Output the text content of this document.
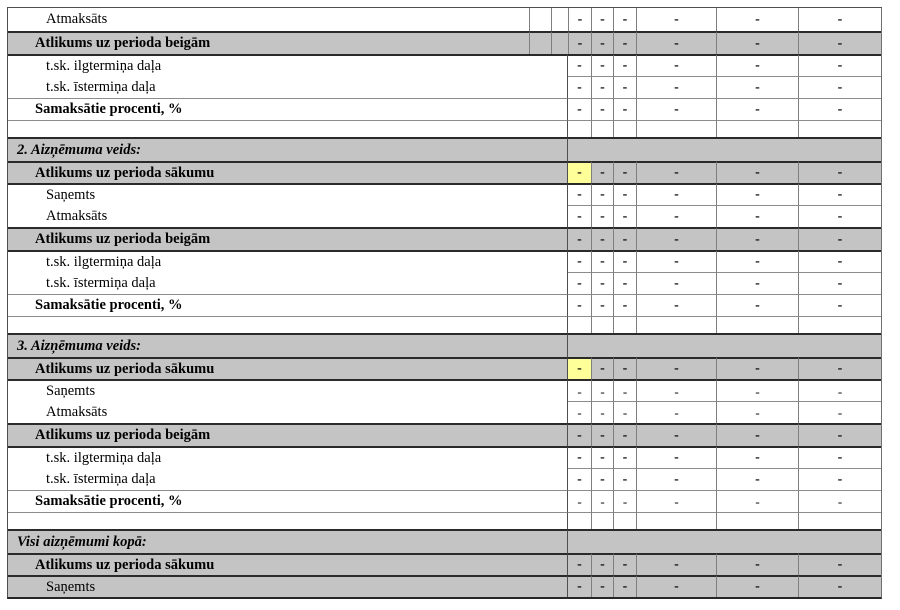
Atmaksāts	-	-	-	-	-	-
Atlikums uz perioda beigām	-	-	-	-	-	-
t.sk. ilgtermiņa daļa	-	-	-	-	-	-
t.sk. īstermiņa daļa	-	-	-	-	-	-
Samaksātie procenti, %	-	-	-	-	-	-
2. Aizņēmuma veids:
Atlikums uz perioda sākumu	-	-	-	-	-	-
Saņemts	-	-	-	-	-	-
Atmaksāts	-	-	-	-	-	-
Atlikums uz perioda beigām	-	-	-	-	-	-
t.sk. ilgtermiņa daļa	-	-	-	-	-	-
t.sk. īstermiņa daļa	-	-	-	-	-	-
Samaksātie procenti, %	-	-	-	-	-	-
3. Aizņēmuma veids:
Atlikums uz perioda sākumu	-	-	-	-	-	-
Saņemts	-	-	-	-	-	-
Atmaksāts	-	-	-	-	-	-
Atlikums uz perioda beigām	-	-	-	-	-	-
t.sk. ilgtermiņa daļa	-	-	-	-	-	-
t.sk. īstermiņa daļa	-	-	-	-	-	-
Samaksātie procenti, %	-	-	-	-	-	-
Visi aizņēmumi kopā:
Atlikums uz perioda sākumu	-	-	-	-	-	-
Saņemts	-	-	-	-	-	-
